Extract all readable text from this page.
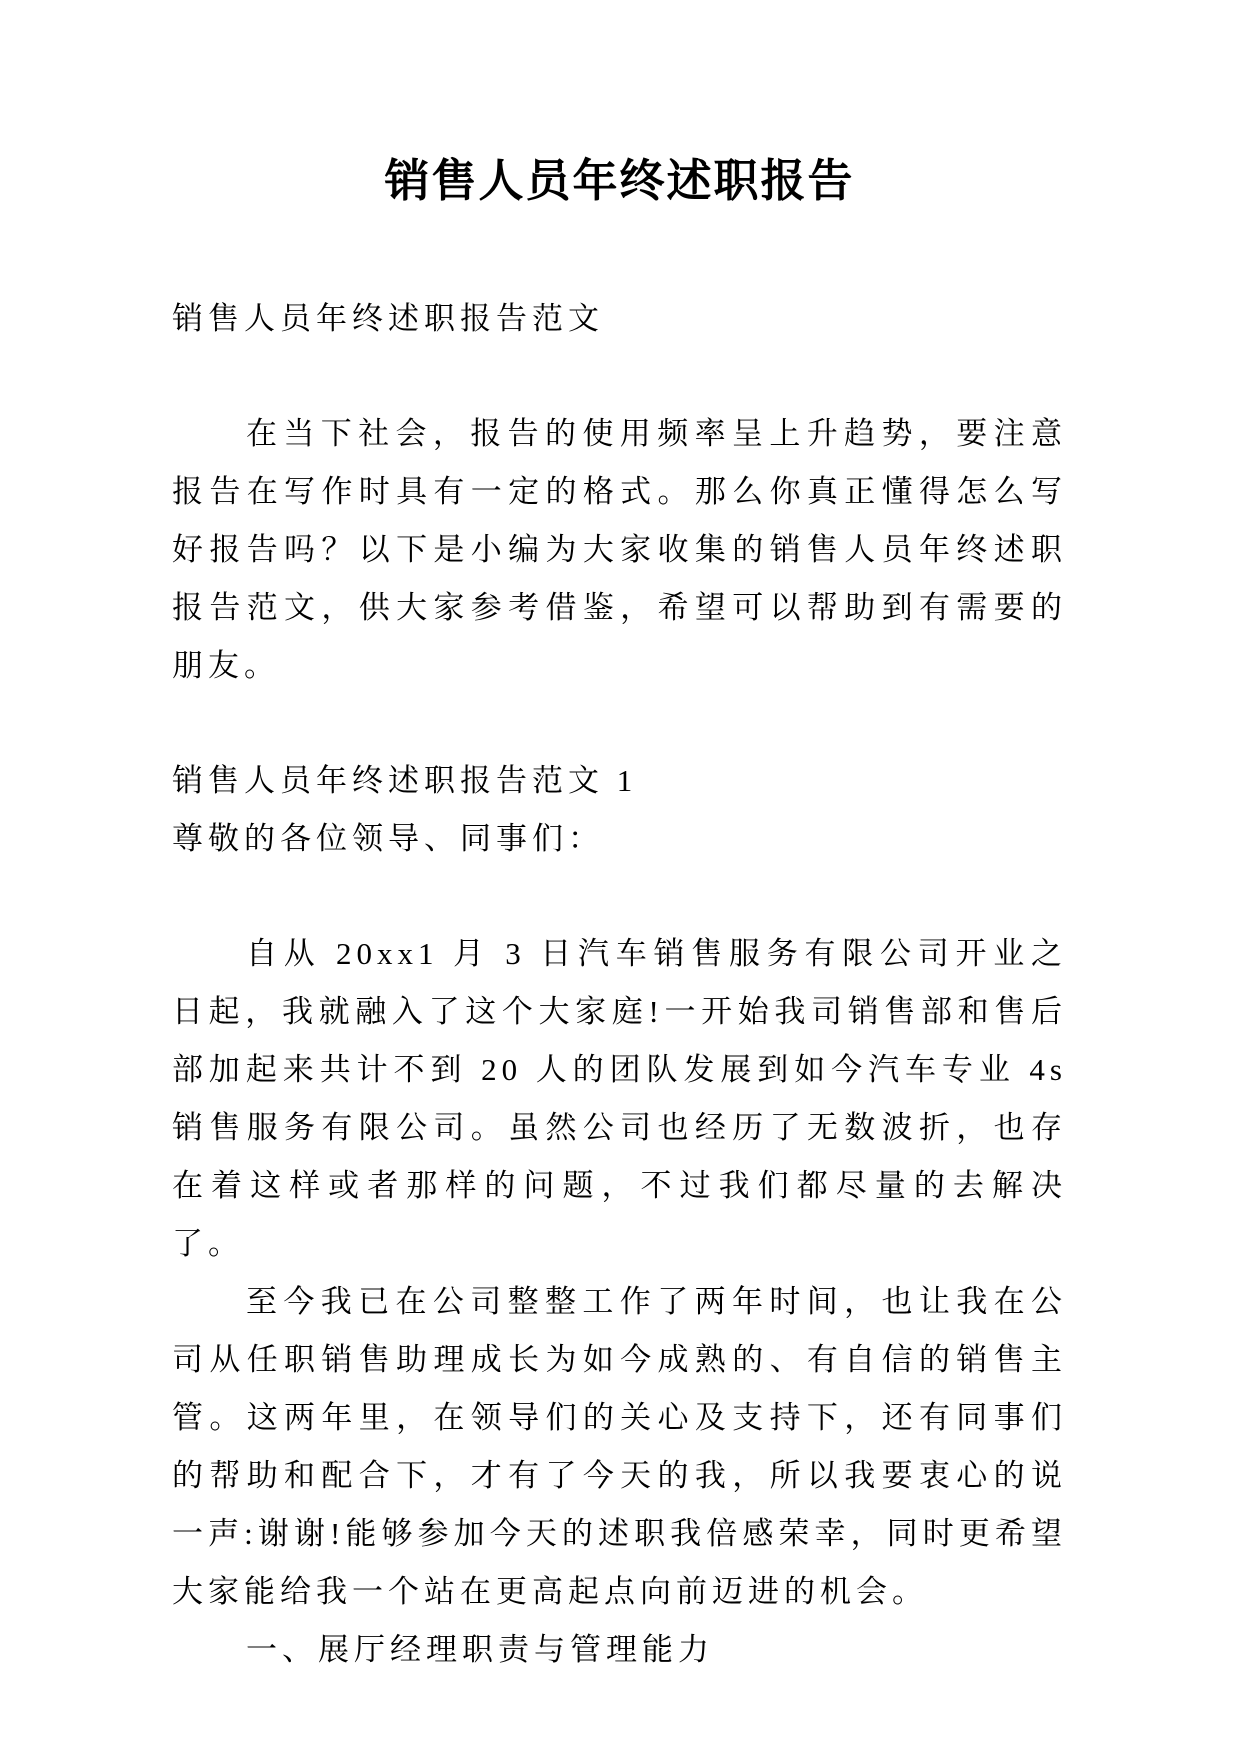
销售人员年终述职报告

销售人员年终述职报告范文

在当下社会，报告的使用频率呈上升趋势，要注意报告在写作时具有一定的格式。那么你真正懂得怎么写好报告吗？以下是小编为大家收集的销售人员年终述职报告范文，供大家参考借鉴，希望可以帮助到有需要的朋友。

销售人员年终述职报告范文 1

尊敬的各位领导、同事们：

自从 20xx1 月 3 日汽车销售服务有限公司开业之日起，我就融入了这个大家庭!一开始我司销售部和售后部加起来共计不到 20 人的团队发展到如今汽车专业 4s 销售服务有限公司。虽然公司也经历了无数波折，也存在着这样或者那样的问题，不过我们都尽量的去解决了。

至今我已在公司整整工作了两年时间，也让我在公司从任职销售助理成长为如今成熟的、有自信的销售主管。这两年里，在领导们的关心及支持下，还有同事们的帮助和配合下，才有了今天的我，所以我要衷心的说一声:谢谢!能够参加今天的述职我倍感荣幸，同时更希望大家能给我一个站在更高起点向前迈进的机会。

一、展厅经理职责与管理能力
